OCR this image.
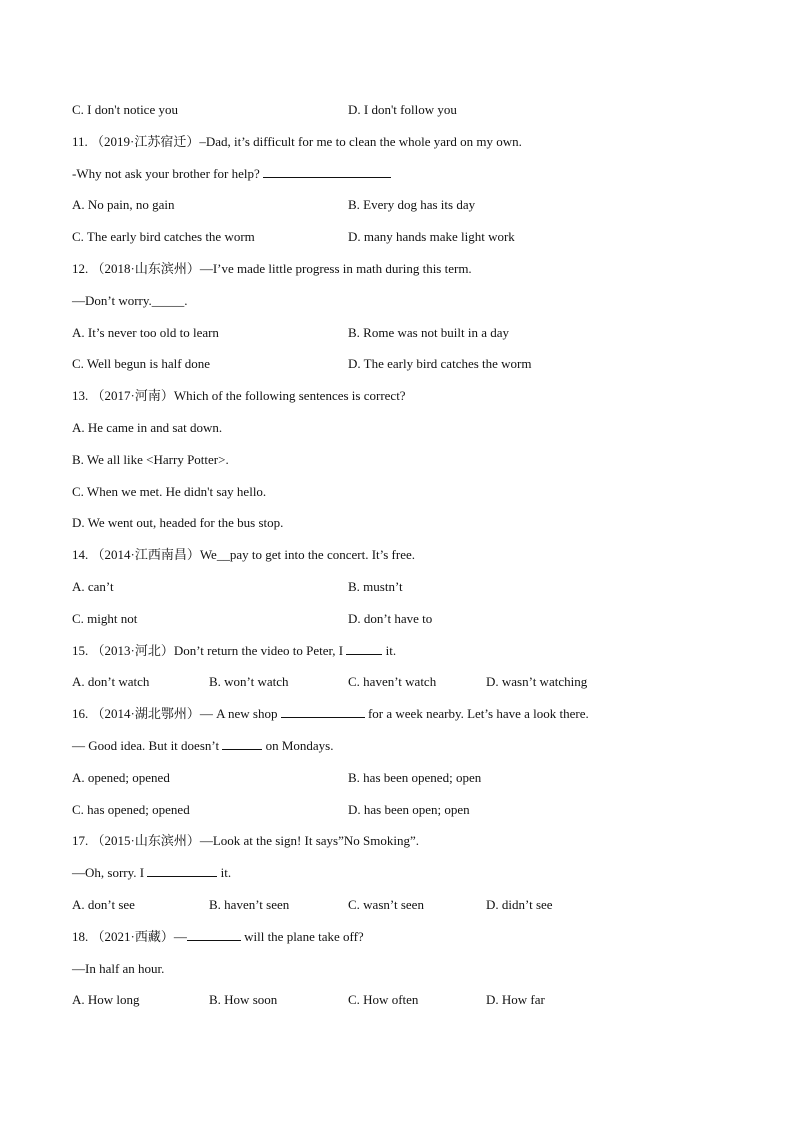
C. I don't notice you	D. I don't follow you
11. （2019·江苏宿迁）–Dad, it’s difficult for me to clean the whole yard on my own.
-Why not ask your brother for help?
A. No pain, no gain	B. Every dog has its day
C. The early bird catches the worm	D. many hands make light work
12. （2018·山东滨州）—I’ve made little progress in math during this term.
—Don’t worry._____.
A. It’s never too old to learn	B. Rome was not built in a day
C. Well begun is half done	D. The early bird catches the worm
13. （2017·河南）Which of the following sentences is correct?
A. He came in and sat down.
B. We all like <Harry Potter>.
C. When we met. He didn't say hello.
D. We went out, headed for the bus stop.
14. （2014·江西南昌）We__pay to get into the concert. It’s free.
A. can’t	B. mustn’t
C. might not	D. don’t have to
15. （2013·河北）Don’t return the video to Peter, I	it.
A. don’t watch	B. won’t watch	C. haven’t watch	D. wasn’t watching
16. （2014·湖北鄂州）— A new shop	for a week nearby. Let’s have a look there.
— Good idea. But it doesn’t	on Mondays.
A. opened; opened	B. has been opened; open
C. has opened; opened	D. has been open; open
17. （2015·山东滨州）—Look at the sign! It says”No Smoking”.
—Oh, sorry. I	it.
A. don’t see	B. haven’t seen	C. wasn’t seen	D. didn’t see
18. （2021·西藏）—	will the plane take off?
—In half an hour.
A. How long	B. How soon	C. How often	D. How far
